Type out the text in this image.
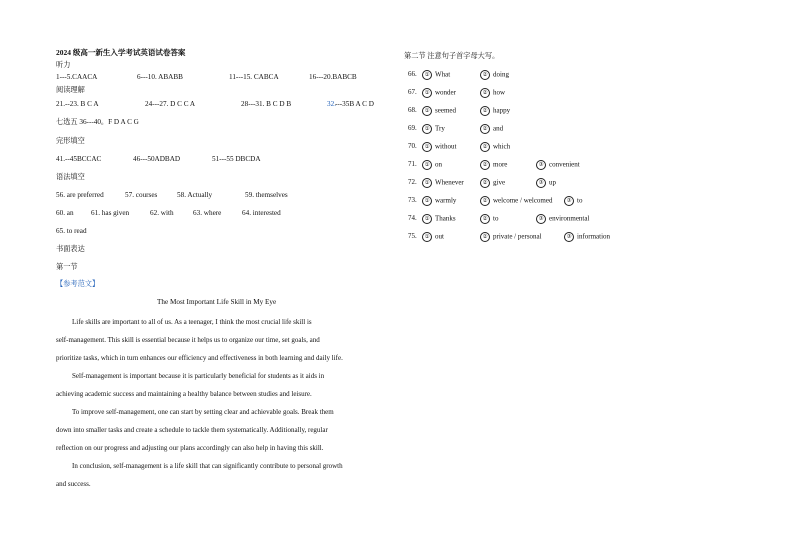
2024 级高一新生入学考试英语试卷答案
听力
1---5.CAACA	6---10. ABABB	11---15. CABCA	16---20.BABCB
阅读理解
21.--23. B C A	24---27. D C C A	28---31. B C D B	32. ---35B A C D
七选五 36---40。F D A C G
完形填空
41.--45BCCAC	46---50ADBAD	51---55 DBCDA
语法填空
56. are preferred	57. courses	58. Actually	59. themselves
60. an 61. has given	62. with	63. where	64. interested
65. to read
书面表达
第一节
【参考范文】
The Most Important Life Skill in My Eye
Life skills are important to all of us. As a teenager, I think the most crucial life skill is
self-management. This skill is essential because it helps us to organize our time, set goals, and
prioritize tasks, which in turn enhances our efficiency and effectiveness in both learning and daily life.
Self-management is important because it is particularly beneficial for students as it aids in
achieving academic success and maintaining a healthy balance between studies and leisure.
To improve self-management, one can start by setting clear and achievable goals. Break them
down into smaller tasks and create a schedule to tackle them systematically. Additionally, regular
reflection on our progress and adjusting our plans accordingly can also help in having this skill.
In conclusion, self-management is a life skill that can significantly contribute to personal growth
and success.
第二节 注意句子首字母大写。
66.	① What	② doing
67.	① wonder	② how
68.	① seemed	② happy
69.	① Try	② and
70.	① without	② which
71.	① on	② more	③ convenient
72.	① Whenever	② give	③ up
73.	① warmly	② welcome / welcomed	③ to
74.	① Thanks	② to	③ environmental
75.	① out	② private / personal	③ information
